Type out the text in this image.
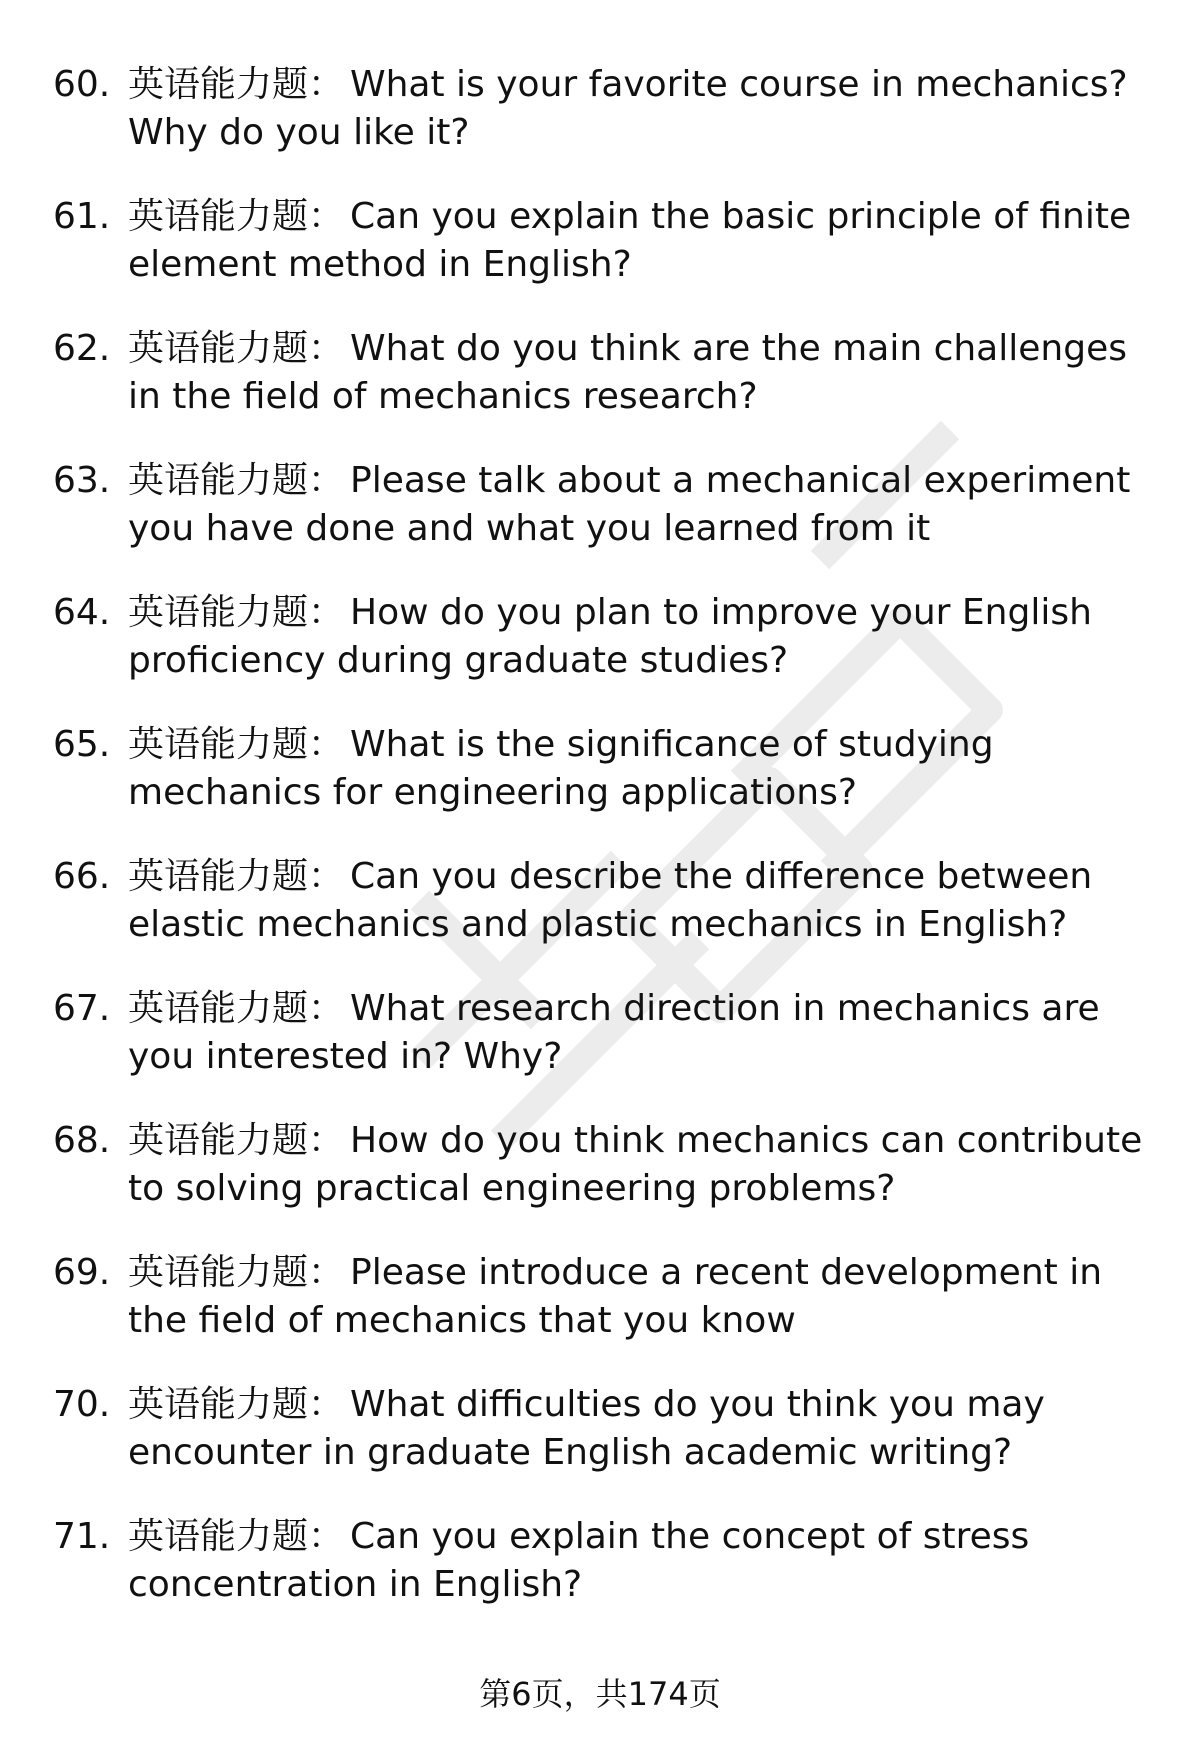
60. 英语能力题： What is your favorite course in mechanics? Why do you like it?
61. 英语能力题： Can you explain the basic principle of finite element method in English?
62. 英语能力题： What do you think are the main challenges in the field of mechanics research?
63. 英语能力题： Please talk about a mechanical experiment you have done and what you learned from it
64. 英语能力题： How do you plan to improve your English proficiency during graduate studies?
65. 英语能力题： What is the significance of studying mechanics for engineering applications?
66. 英语能力题： Can you describe the difference between elastic mechanics and plastic mechanics in English?
67. 英语能力题： What research direction in mechanics are you interested in? Why?
68. 英语能力题： How do you think mechanics can contribute to solving practical engineering problems?
69. 英语能力题： Please introduce a recent development in the field of mechanics that you know
70. 英语能力题： What difficulties do you think you may encounter in graduate English academic writing?
71. 英语能力题： Can you explain the concept of stress concentration in English?
第6页，共174页
